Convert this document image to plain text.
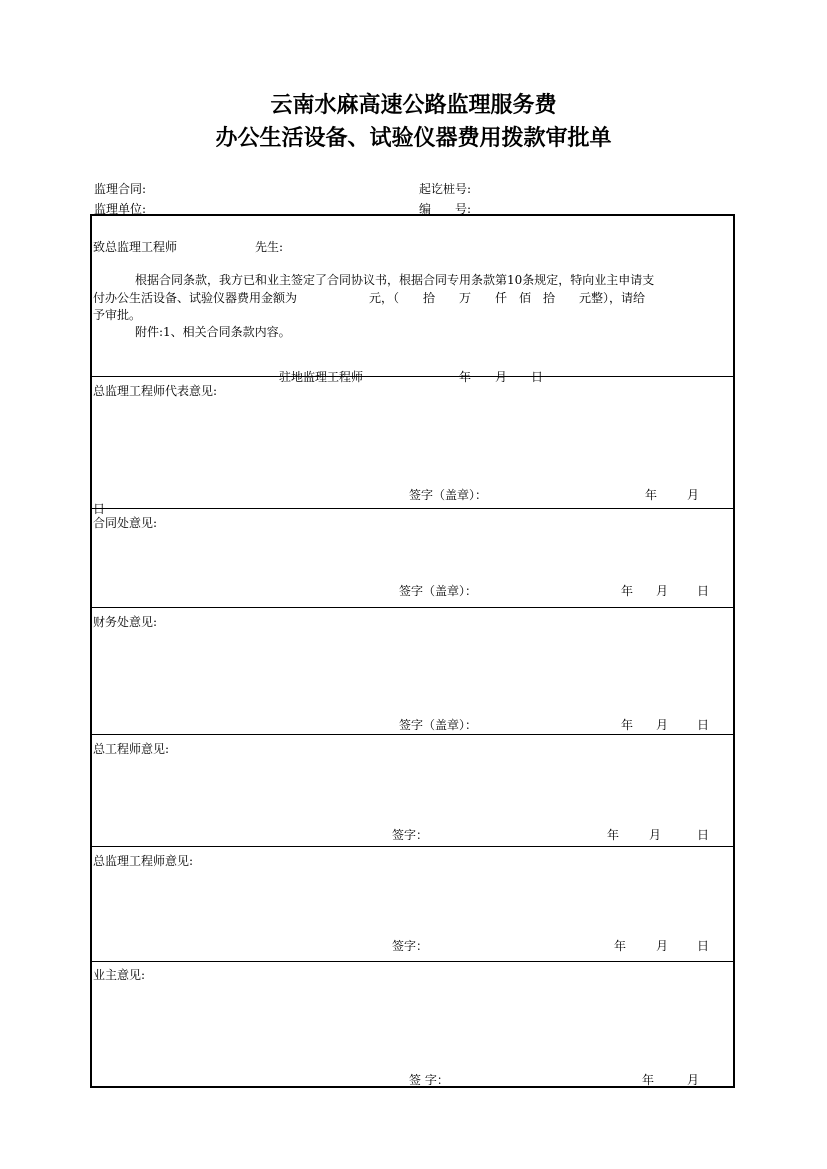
云南水麻高速公路监理服务费
办公生活设备、试验仪器费用拨款审批单
监理合同:	起讫桩号:
监理单位:	编　　号:
致总监理工程师	先生:
根据合同条款，我方已和业主签定了合同协议书，根据合同专用条款第10条规定，特向业主申请支
付办公生活设备、试验仪器费用金额为　　　　　　元，（　　拾　　万　　仟　佰　拾　　元整），请给
予审批。
附件:1、相关合同条款内容。
驻地监理工程师　　　　　　　　年　　月　　日
总监理工程师代表意见:
签字（盖章）：	年 月
日
合同处意见:
签字（盖章）：	年 月 日
财务处意见:
签字（盖章）：	年 月 日
总工程师意见:
签字：	年 月	日
总监理工程师意见:
签字：	年 月 日
业主意见:
签 字：	年	月
